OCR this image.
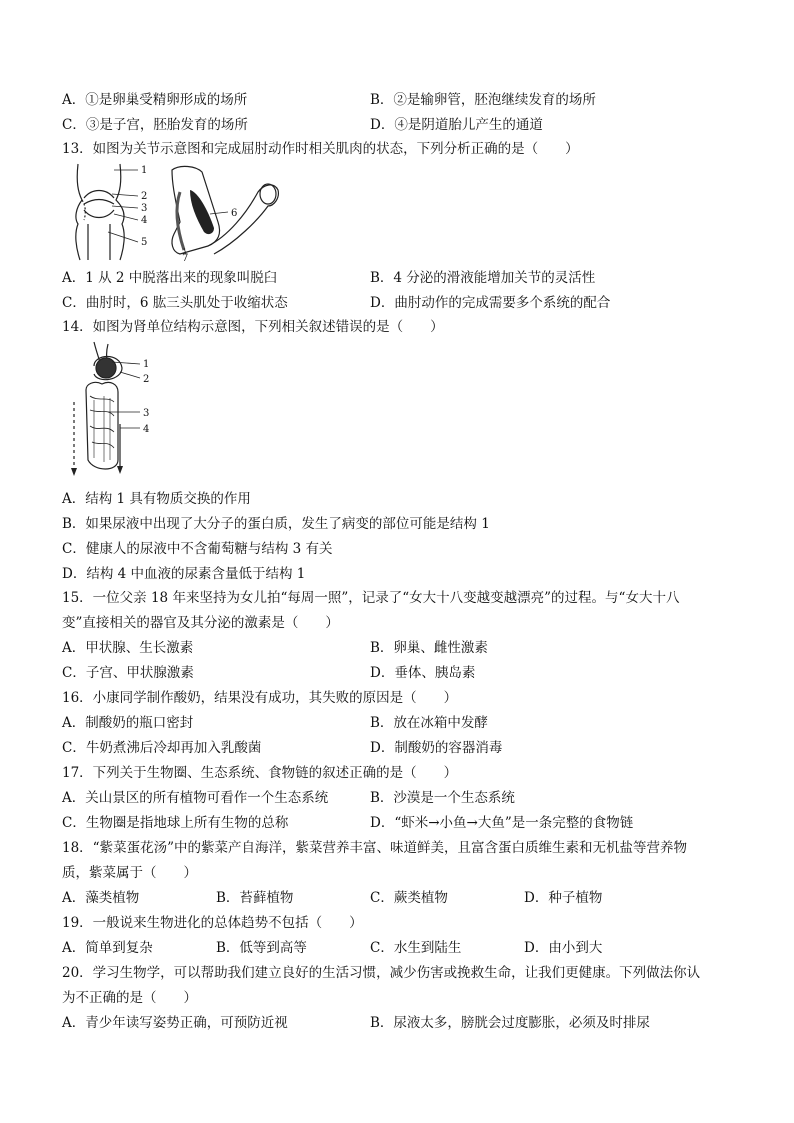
A．①是卵巢受精卵形成的场所	B．②是输卵管，胚泡继续发育的场所
C．③是子宫，胚胎发育的场所	D．④是阴道胎儿产生的通道
13．如图为关节示意图和完成屈肘动作时相关肌肉的状态，下列分析正确的是（　　）
1
2
3
4
5
6
7
A．1 从 2 中脱落出来的现象叫脱臼	B．4 分泌的滑液能增加关节的灵活性
C．曲肘时，6 肱三头肌处于收缩状态	D．曲肘动作的完成需要多个系统的配合
14．如图为肾单位结构示意图，下列相关叙述错误的是（　　）
1
2
3
4
A．结构 1 具有物质交换的作用
B．如果尿液中出现了大分子的蛋白质，发生了病变的部位可能是结构 1
C．健康人的尿液中不含葡萄糖与结构 3 有关
D．结构 4 中血液的尿素含量低于结构 1
15．一位父亲 18 年来坚持为女儿拍“每周一照”，记录了“女大十八变越变越漂亮”的过程。与“女大十八
变”直接相关的器官及其分泌的激素是（　　）
A．甲状腺、生长激素	B．卵巢、雌性激素
C．子宫、甲状腺激素	D．垂体、胰岛素
16．小康同学制作酸奶，结果没有成功，其失败的原因是（　　）
A．制酸奶的瓶口密封	B．放在冰箱中发酵
C．牛奶煮沸后冷却再加入乳酸菌	D．制酸奶的容器消毒
17．下列关于生物圈、生态系统、食物链的叙述正确的是（　　）
A．关山景区的所有植物可看作一个生态系统	B．沙漠是一个生态系统
C．生物圈是指地球上所有生物的总称	D．“虾米→小鱼→大鱼”是一条完整的食物链
18．“紫菜蛋花汤”中的紫菜产自海洋，紫菜营养丰富、味道鲜美，且富含蛋白质维生素和无机盐等营养物
质，紫菜属于（　　）
A．藻类植物	B．苔藓植物	C．蕨类植物	D．种子植物
19．一般说来生物进化的总体趋势不包括（　　）
A．简单到复杂	B．低等到高等	C．水生到陆生	D．由小到大
20．学习生物学，可以帮助我们建立良好的生活习惯，减少伤害或挽救生命，让我们更健康。下列做法你认
为不正确的是（　　）
A．青少年读写姿势正确，可预防近视	B．尿液太多，膀胱会过度膨胀，必须及时排尿
